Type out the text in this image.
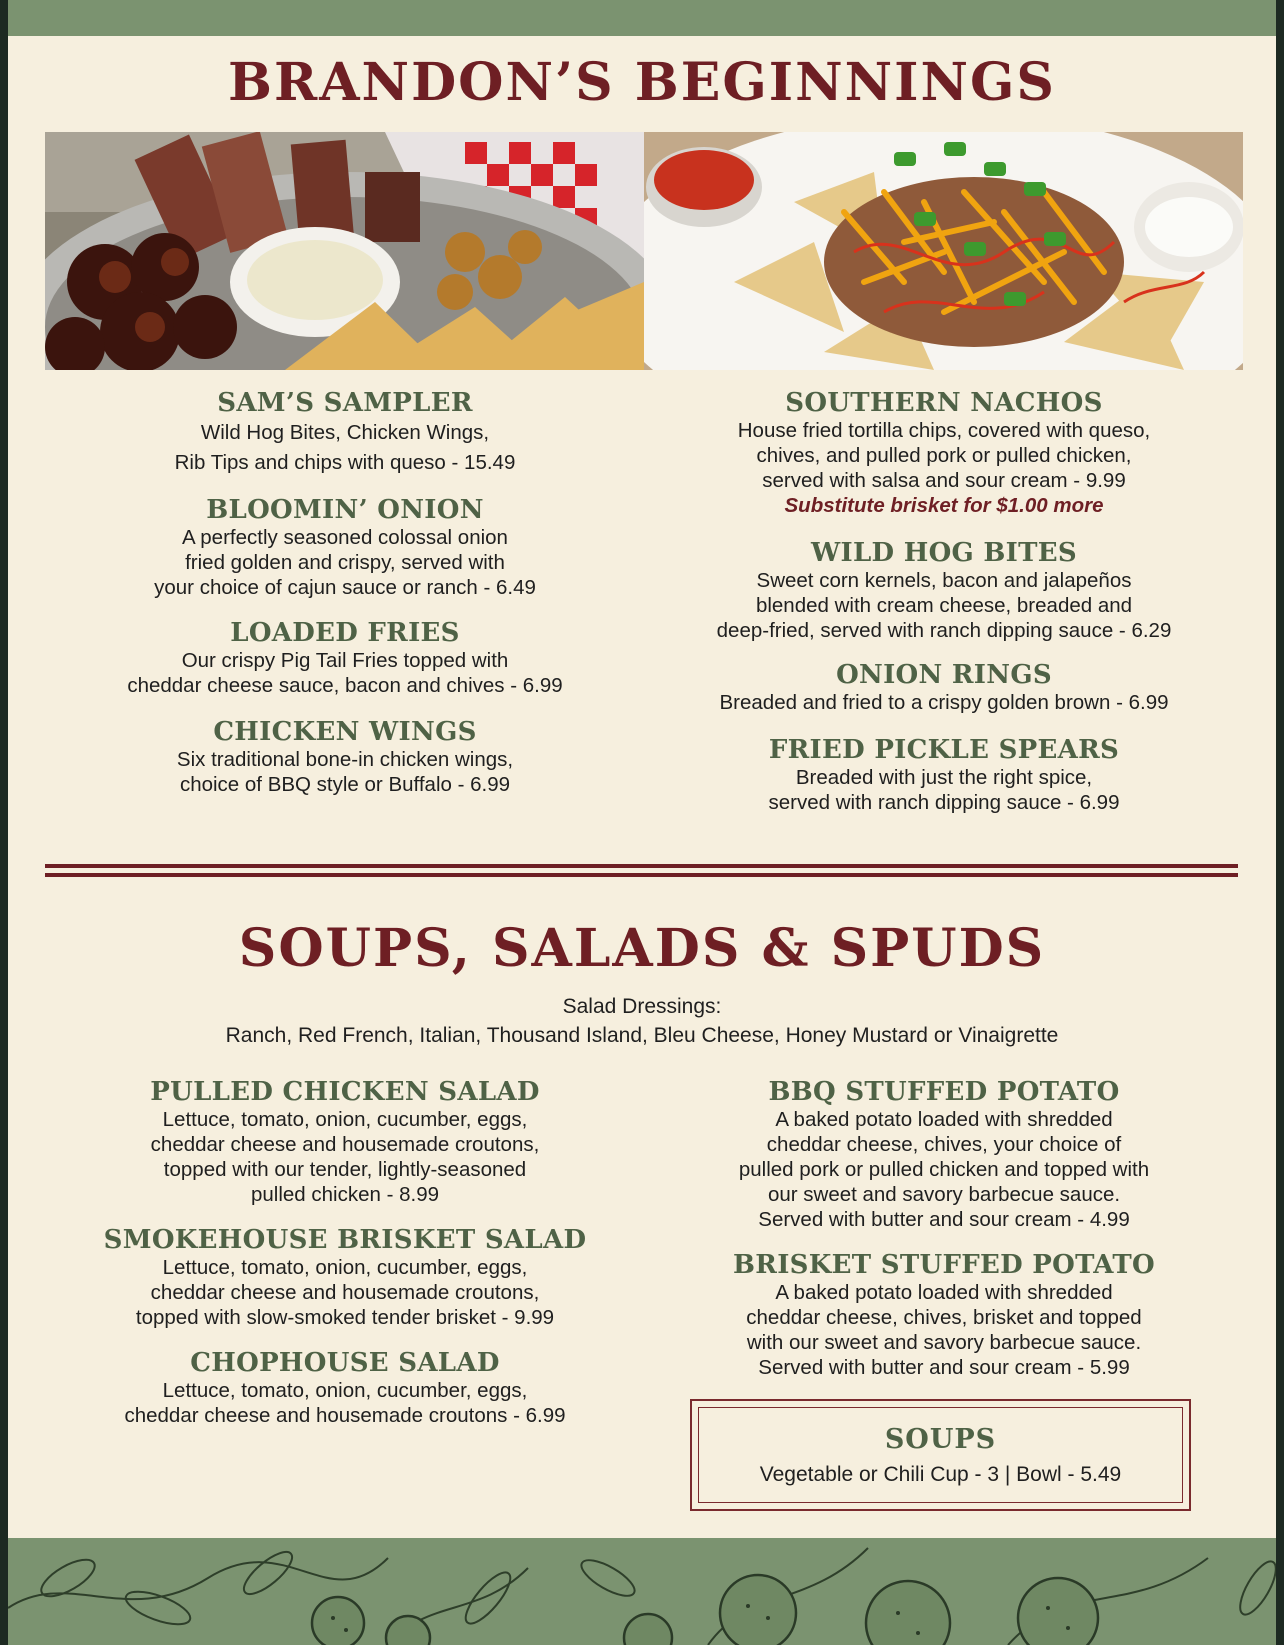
BRANDON’S BEGINNINGS
SAM’S SAMPLER
Wild Hog Bites, Chicken Wings,
Rib Tips and chips with queso - 15.49
BLOOMIN’ ONION
A perfectly seasoned colossal onion
fried golden and crispy, served with
your choice of cajun sauce or ranch - 6.49
LOADED FRIES
Our crispy Pig Tail Fries topped with
cheddar cheese sauce, bacon and chives - 6.99
CHICKEN WINGS
Six traditional bone-in chicken wings,
choice of BBQ style or Buffalo - 6.99
SOUTHERN NACHOS
House fried tortilla chips, covered with queso,
chives, and pulled pork or pulled chicken,
served with salsa and sour cream - 9.99
Substitute brisket for $1.00 more
WILD HOG BITES
Sweet corn kernels, bacon and jalapeños
blended with cream cheese, breaded and
deep-fried, served with ranch dipping sauce - 6.29
ONION RINGS
Breaded and fried to a crispy golden brown - 6.99
FRIED PICKLE SPEARS
Breaded with just the right spice,
served with ranch dipping sauce - 6.99
SOUPS, SALADS & SPUDS
Salad Dressings:
Ranch, Red French, Italian, Thousand Island, Bleu Cheese, Honey Mustard or Vinaigrette
PULLED CHICKEN SALAD
Lettuce, tomato, onion, cucumber, eggs,
cheddar cheese and housemade croutons,
topped with our tender, lightly-seasoned
pulled chicken - 8.99
SMOKEHOUSE BRISKET SALAD
Lettuce, tomato, onion, cucumber, eggs,
cheddar cheese and housemade croutons,
topped with slow-smoked tender brisket - 9.99
CHOPHOUSE SALAD
Lettuce, tomato, onion, cucumber, eggs,
cheddar cheese and housemade croutons - 6.99
BBQ STUFFED POTATO
A baked potato loaded with shredded
cheddar cheese, chives, your choice of
pulled pork or pulled chicken and topped with
our sweet and savory barbecue sauce.
Served with butter and sour cream - 4.99
BRISKET STUFFED POTATO
A baked potato loaded with shredded
cheddar cheese, chives, brisket and topped
with our sweet and savory barbecue sauce.
Served with butter and sour cream - 5.99
SOUPS
Vegetable or Chili Cup - 3 | Bowl - 5.49
